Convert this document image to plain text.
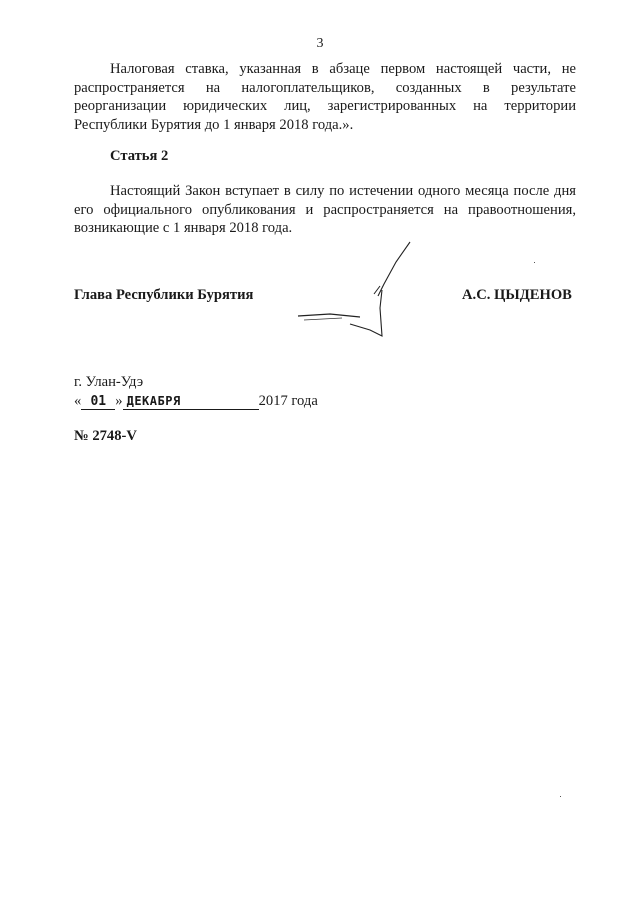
3
Налоговая ставка, указанная в абзаце первом настоящей части, не распространяется на налогоплательщиков, созданных в результате реорганизации юридических лиц, зарегистрированных на территории Республики Бурятия до 1 января 2018 года.».
Статья 2
Настоящий Закон вступает в силу по истечении одного месяца после дня его официального опубликования и распространяется на правоотношения, возникающие с 1 января 2018 года.
Глава Республики Бурятия	А.С. ЦЫДЕНОВ
г. Улан-Удэ
« 01 » ДЕКАБРЯ	2017 года
№ 2748-V
